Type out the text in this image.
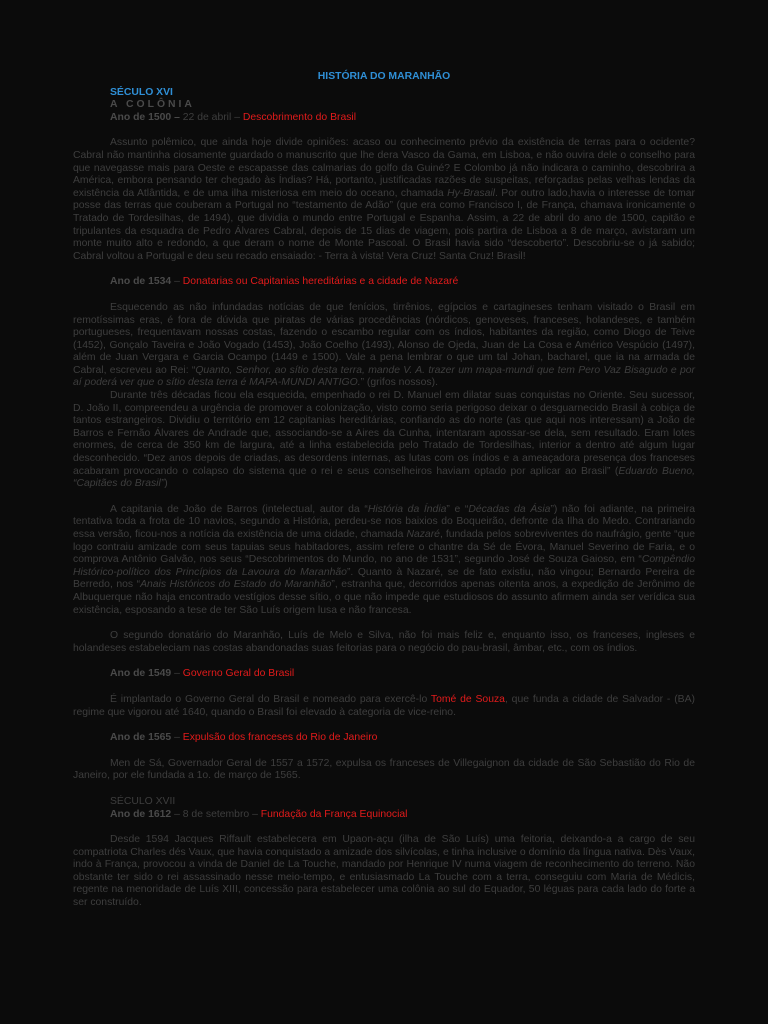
HISTÓRIA DO MARANHÃO
SÉCULO XVI
A COLÔNIA
Ano de 1500 – 22 de abril – Descobrimento do Brasil

Assunto polêmico, que ainda hoje divide opiniões: acaso ou conhecimento prévio da existência de terras para o ocidente? Cabral não mantinha ciosamente guardado o manuscrito que lhe dera Vasco da Gama, em Lisboa, e não ouvira dele o conselho para que navegasse mais para Oeste e escapasse das calmarias do golfo da Guiné? E Colombo já não indicara o caminho, descobrira a América, embora pensando ter chegado às Índias? Há, portanto, justificadas razões de suspeitas, reforçadas pelas velhas lendas da existência da Atlântida, e de uma ilha misteriosa em meio do oceano, chamada Hy-Brasail. Por outro lado,havia o interesse de tomar posse das terras que couberam a Portugal no “testamento de Adão” (que era como Francisco I, de França, chamava ironicamente o Tratado de Tordesilhas, de 1494), que dividia o mundo entre Portugal e Espanha. Assim, a 22 de abril do ano de 1500, capitão e tripulantes da esquadra de Pedro Álvares Cabral, depois de 15 dias de viagem, pois partira de Lisboa a 8 de março, avistaram um monte muito alto e redondo, a que deram o nome de Monte Pascoal. O Brasil havia sido “descoberto”. Descobriu-se o já sabido; Cabral voltou a Portugal e deu seu recado ensaiado: - Terra à vista! Vera Cruz! Santa Cruz! Brasil!

Ano de 1534 – Donatarias ou Capitanias hereditárias e a cidade de Nazaré

Esquecendo as não infundadas notícias de que fenícios, tirrênios, egípcios e cartagineses tenham visitado o Brasil em remotíssimas eras, é fora de dúvida que piratas de várias procedências (nórdicos, genoveses, franceses, holandeses, e também portugueses, frequentavam nossas costas, fazendo o escambo regular com os índios, habitantes da região, como Diogo de Teive (1452), Gonçalo Taveira e João Vogado (1453), João Coelho (1493), Alonso de Ojeda, Juan de La Cosa e Américo Vespúcio (1497), além de Juan Vergara e Garcia Ocampo (1449 e 1500). Vale a pena lembrar o que um tal Johan, bacharel, que ia na armada de Cabral, escreveu ao Rei: “Quanto, Senhor, ao sítio desta terra, mande V. A. trazer um mapa-mundi que tem Pero Vaz Bisagudo e por aí poderá ver que o sítio desta terra é MAPA-MUNDI ANTIGO.” (grifos nossos).

Durante três décadas ficou ela esquecida, empenhado o rei D. Manuel em dilatar suas conquistas no Oriente. Seu sucessor, D. João II, compreendeu a urgência de promover a colonização, visto como seria perigoso deixar o desguarnecido Brasil à cobiça de tantos estrangeiros. Dividiu o território em 12 capitanias hereditárias, confiando as do norte (as que aqui nos interessam) a João de Barros e Fernão Álvares de Andrade que, associando-se a Aires da Cunha, intentaram apossar-se dela, sem resultado. Eram lotes enormes, de cerca de 350 km de largura, até a linha estabelecida pelo Tratado de Tordesilhas, interior a dentro até algum lugar desconhecido. “Dez anos depois de criadas, as desordens internas, as lutas com os índios e a ameaçadora presença dos franceses acabaram provocando o colapso do sistema que o rei e seus conselheiros haviam optado por aplicar ao Brasil” (Eduardo Bueno, “Capitães do Brasil”)

A capitania de João de Barros (intelectual, autor da “História da Índia” e “Décadas da Ásia”) não foi adiante, na primeira tentativa toda a frota de 10 navios, segundo a História, perdeu-se nos baixios do Boqueirão, defronte da Ilha do Medo. Contrariando essa versão, ficou-nos a notícia da existência de uma cidade, chamada Nazaré, fundada pelos sobreviventes do naufrágio, gente “que logo contraiu amizade com seus tapuias seus habitadores, assim refere o chantre da Sé de Évora, Manuel Severino de Faria, e o comprova Antônio Galvão, nos seus “Descobrimentos do Mundo, no ano de 1531”, segundo José de Souza Gaioso, em “Compêndio Histórico-político dos Princípios da Lavoura do Maranhão”. Quanto à Nazaré, se de fato existiu, não vingou; Bernardo Pereira de Berredo, nos “Anais Históricos do Estado do Maranhão”, estranha que, decorridos apenas oitenta anos, a expedição de Jerônimo de Albuquerque não haja encontrado vestígios desse sítio, o que não impede que estudiosos do assunto afirmem ainda ser verídica sua existência, esposando a tese de ter São Luís origem lusa e não francesa.

O segundo donatário do Maranhão, Luís de Melo e Silva, não foi mais feliz e, enquanto isso, os franceses, ingleses e holandeses estabeleciam nas costas abandonadas suas feitorias para o negócio do pau-brasil, âmbar, etc., com os índios.

Ano de 1549 – Governo Geral do Brasil

É implantado o Governo Geral do Brasil e nomeado para exercê-lo Tomé de Souza, que funda a cidade de Salvador - (BA) regime que vigorou até 1640, quando o Brasil foi elevado à categoria de vice-reino.

Ano de 1565 – Expulsão dos franceses do Rio de Janeiro

Men de Sá, Governador Geral de 1557 a 1572, expulsa os franceses de Villegaignon da cidade de São Sebastião do Rio de Janeiro, por ele fundada a 1o. de março de 1565.

SÉCULO XVII
Ano de 1612 – 8 de setembro – Fundação da França Equinocial

Desde 1594 Jacques Riffault estabelecera em Upaon-açu (ilha de São Luís) uma feitoria, deixando-a a cargo de seu compatriota Charles dés Vaux, que havia conquistado a amizade dos silvícolas, e tinha inclusive o domínio da língua nativa. Dès Vaux, indo à França, provocou a vinda de Daniel de La Touche, mandado por Henrique IV numa viagem de reconhecimento do terreno. Não obstante ter sido o rei assassinado nesse meio-tempo, e entusiasmado La Touche com a terra, conseguiu com Maria de Médicis, regente na menoridade de Luís XIII, concessão para estabelecer uma colônia ao sul do Equador, 50 léguas para cada lado do forte a ser construído.
